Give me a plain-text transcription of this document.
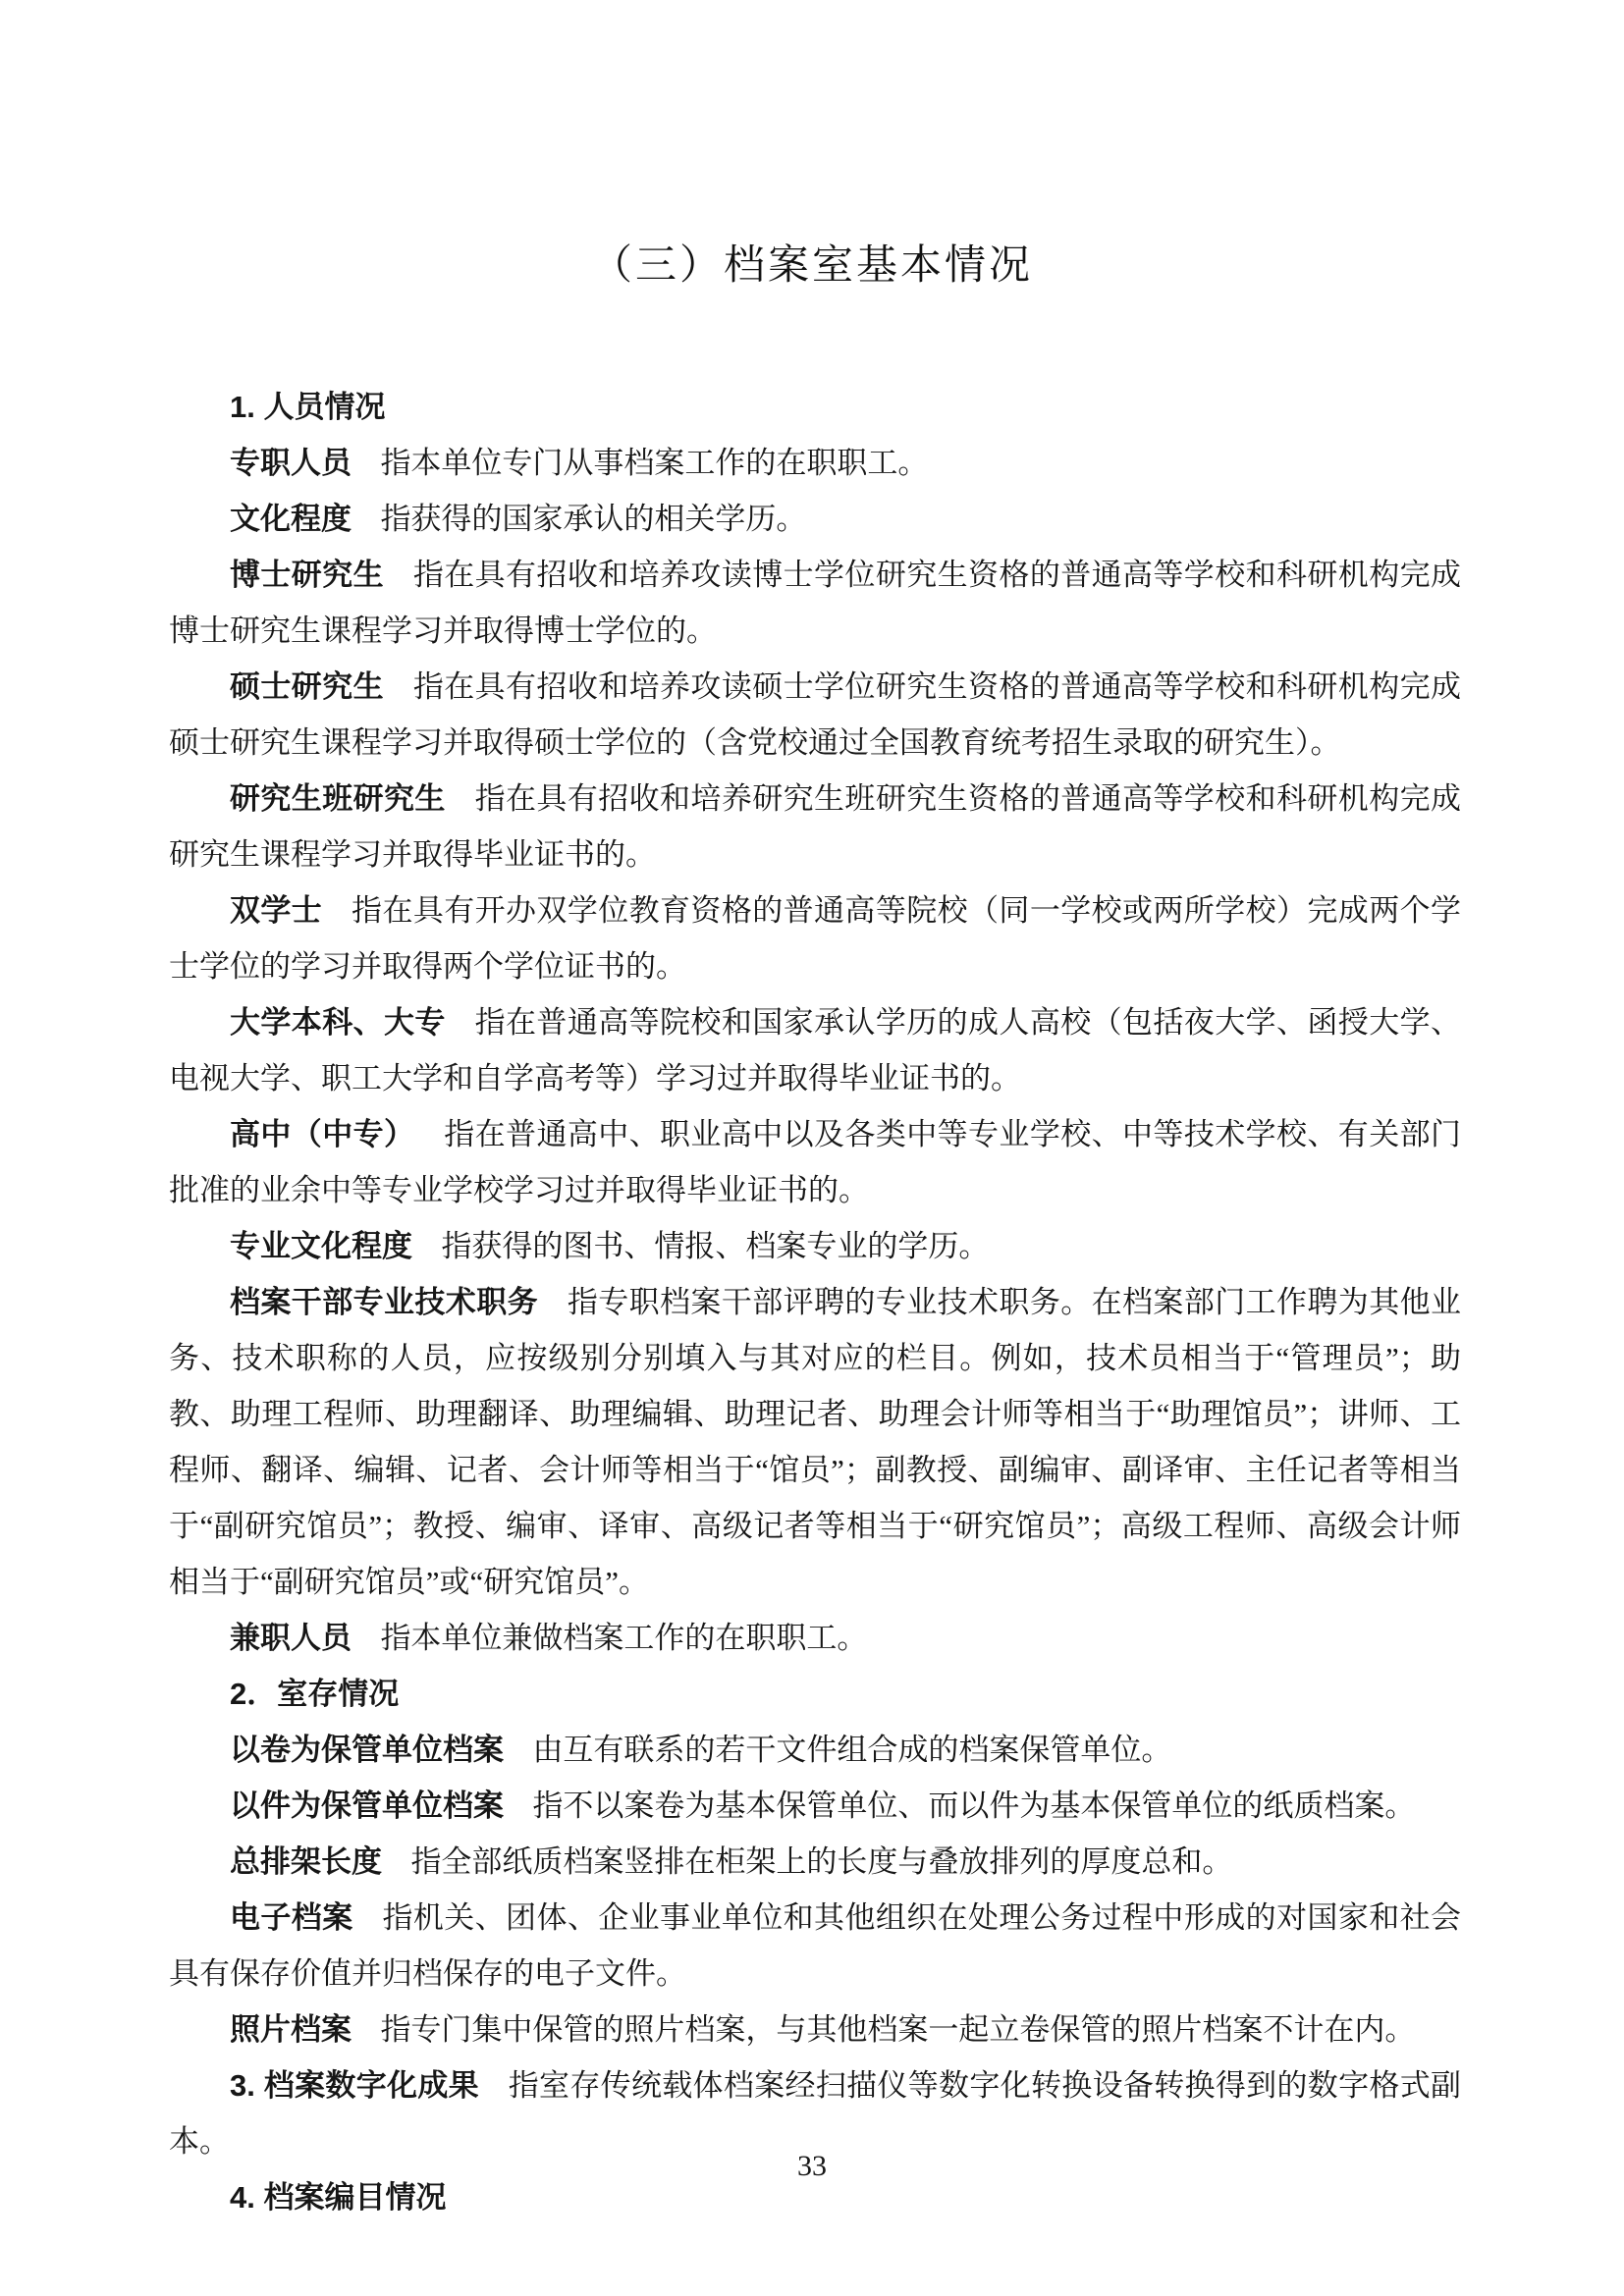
（三）档案室基本情况

1. 人员情况

专职人员 指本单位专门从事档案工作的在职职工。

文化程度 指获得的国家承认的相关学历。

博士研究生 指在具有招收和培养攻读博士学位研究生资格的普通高等学校和科研机构完成博士研究生课程学习并取得博士学位的。

硕士研究生 指在具有招收和培养攻读硕士学位研究生资格的普通高等学校和科研机构完成硕士研究生课程学习并取得硕士学位的（含党校通过全国教育统考招生录取的研究生）。

研究生班研究生 指在具有招收和培养研究生班研究生资格的普通高等学校和科研机构完成研究生课程学习并取得毕业证书的。

双学士 指在具有开办双学位教育资格的普通高等院校（同一学校或两所学校）完成两个学士学位的学习并取得两个学位证书的。

大学本科、大专 指在普通高等院校和国家承认学历的成人高校（包括夜大学、函授大学、电视大学、职工大学和自学高考等）学习过并取得毕业证书的。

高中（中专） 指在普通高中、职业高中以及各类中等专业学校、中等技术学校、有关部门批准的业余中等专业学校学习过并取得毕业证书的。

专业文化程度 指获得的图书、情报、档案专业的学历。

档案干部专业技术职务 指专职档案干部评聘的专业技术职务。在档案部门工作聘为其他业务、技术职称的人员，应按级别分别填入与其对应的栏目。例如，技术员相当于“管理员”；助教、助理工程师、助理翻译、助理编辑、助理记者、助理会计师等相当于“助理馆员”；讲师、工程师、翻译、编辑、记者、会计师等相当于“馆员”；副教授、副编审、副译审、主任记者等相当于“副研究馆员”；教授、编审、译审、高级记者等相当于“研究馆员”；高级工程师、高级会计师相当于“副研究馆员”或“研究馆员”。

兼职人员 指本单位兼做档案工作的在职职工。

2．室存情况

以卷为保管单位档案 由互有联系的若干文件组合成的档案保管单位。

以件为保管单位档案 指不以案卷为基本保管单位、而以件为基本保管单位的纸质档案。

总排架长度 指全部纸质档案竖排在柜架上的长度与叠放排列的厚度总和。

电子档案 指机关、团体、企业事业单位和其他组织在处理公务过程中形成的对国家和社会具有保存价值并归档保存的电子文件。

照片档案 指专门集中保管的照片档案，与其他档案一起立卷保管的照片档案不计在内。

3. 档案数字化成果 指室存传统载体档案经扫描仪等数字化转换设备转换得到的数字格式副本。

4. 档案编目情况

33
